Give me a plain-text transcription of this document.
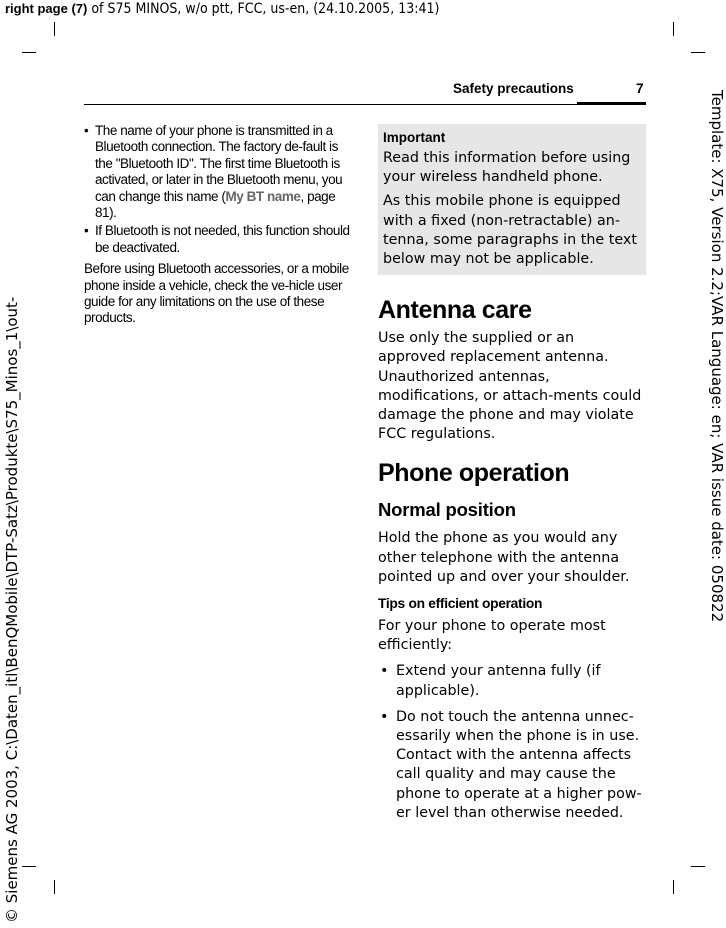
right page (7) of S75 MINOS, w/o ptt, FCC, us-en, (24.10.2005, 13:41)
Template: X75, Version 2.2;VAR Language: en; VAR issue date: 050822
© Siemens AG 2003, C:\Daten_itl\BenQMobile\DTP-Satz\Produkte\S75_Minos_1\out-
Safety precautions	7
• The name of your phone is transmitted in a Bluetooth connection. The factory de-fault is the "Bluetooth ID". The first time Bluetooth is activated, or later in the Bluetooth menu, you can change this name (My BT name, page 81).
• If Bluetooth is not needed, this function should be deactivated.

Before using Bluetooth accessories, or a mobile phone inside a vehicle, check the ve-hicle user guide for any limitations on the use of these products.

Important

Read this information before using your wireless handheld phone.

As this mobile phone is equipped with a fixed (non-retractable) an-tenna, some paragraphs in the text below may not be applicable.

Antenna care

Use only the supplied or an approved replacement antenna. Unauthorized antennas, modifications, or attach-ments could damage the phone and may violate FCC regulations.

Phone operation
Normal position

Hold the phone as you would any other telephone with the antenna pointed up and over your shoulder.

Tips on efficient operation

For your phone to operate most efficiently:

• Extend your antenna fully (if applicable).
• Do not touch the antenna unnec-essarily when the phone is in use. Contact with the antenna affects call quality and may cause the phone to operate at a higher pow-er level than otherwise needed.
